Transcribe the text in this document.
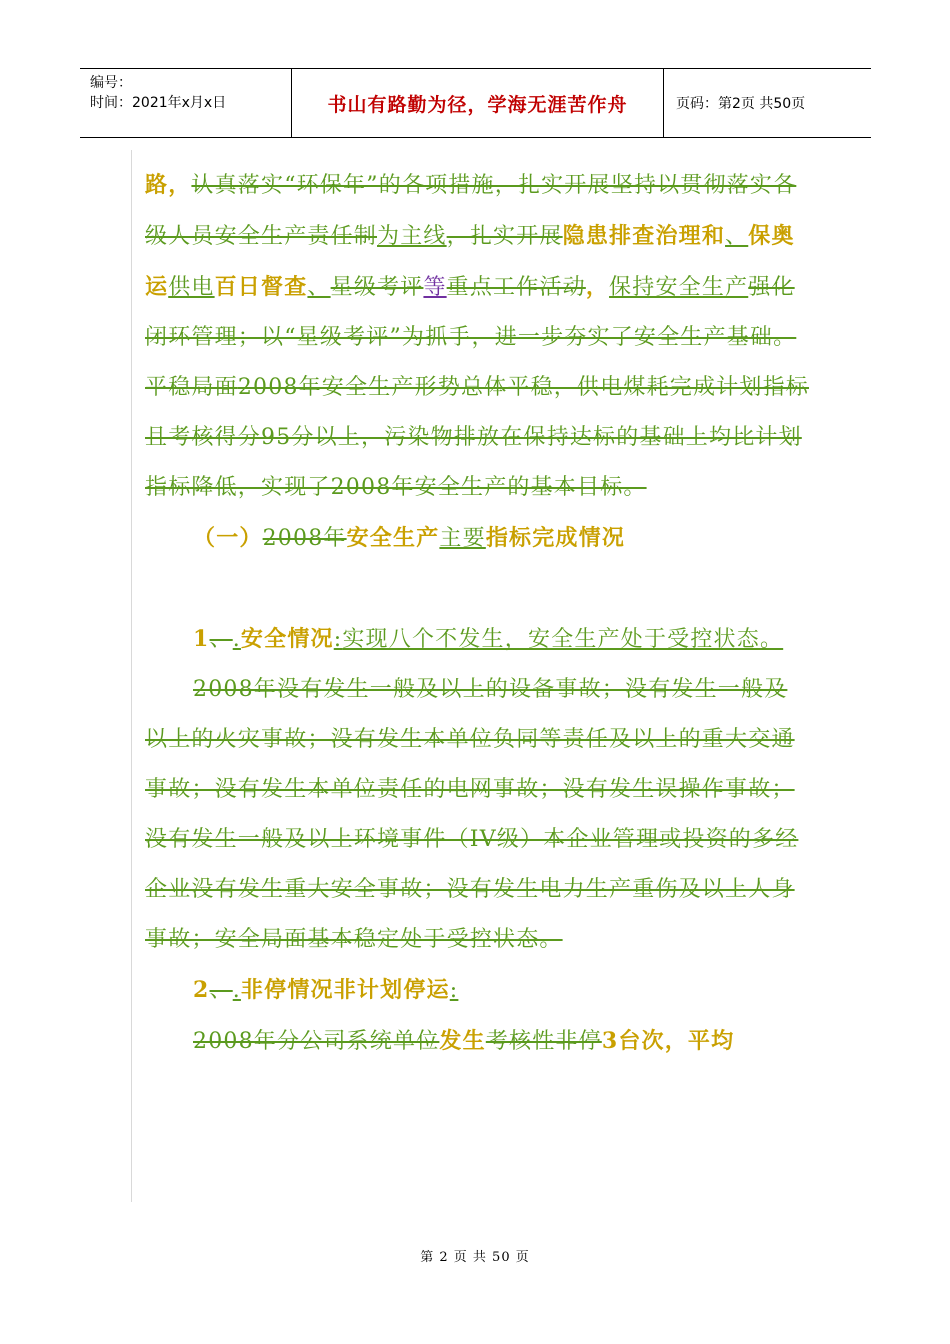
编号：
时间：2021年x月x日	书山有路勤为径，学海无涯苦作舟	页码：第2页 共50页

路，认真落实“环保年”的各项措施，扎实开展坚持以贯彻落实各级人员安全生产责任制为主线，扎实开展隐患排查治理和、保奥运供电百日督查、星级考评等重点工作活动，保持安全生产强化闭环管理；以“星级考评”为抓手，进一步夯实了安全生产基础。平稳局面2008年安全生产形势总体平稳，供电煤耗完成计划指标且考核得分95分以上，污染物排放在保持达标的基础上均比计划指标降低，实现了2008年安全生产的基本目标。

（一）2008年安全生产主要指标完成情况

1、.安全情况:实现八个不发生，安全生产处于受控状态。

2008年没有发生一般及以上的设备事故；没有发生一般及以上的火灾事故；没有发生本单位负同等责任及以上的重大交通事故；没有发生本单位责任的电网事故；没有发生误操作事故；没有发生一般及以上环境事件（IV级）本企业管理或投资的多经企业没有发生重大安全事故；没有发生电力生产重伤及以上人身事故；安全局面基本稳定处于受控状态。

2、.非停情况非计划停运:

2008年分公司系统单位发生考核性非停3台次，平均

第 2 页 共 50 页
